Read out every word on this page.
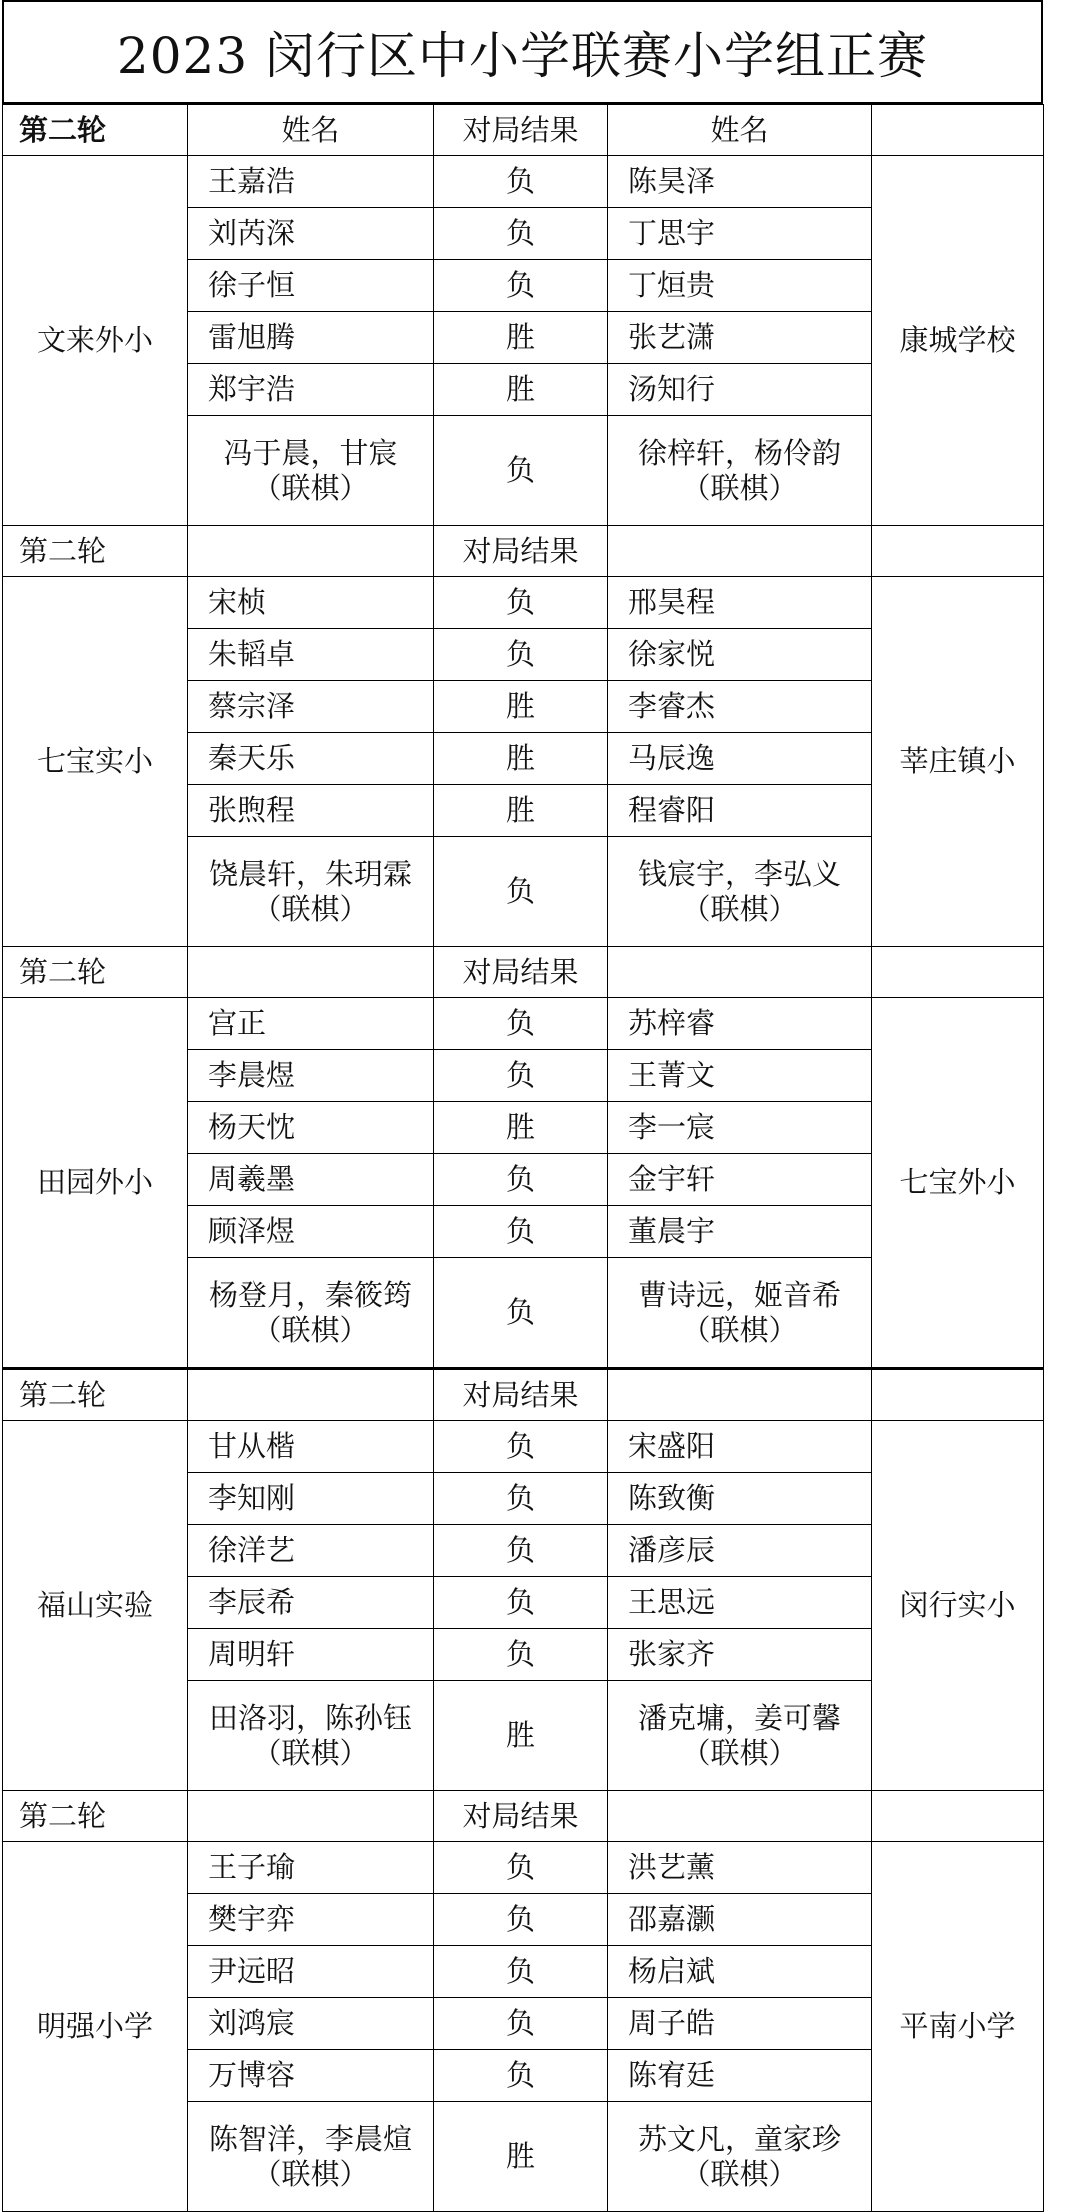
2023 闵行区中小学联赛小学组正赛
第二轮	姓名	对局结果	姓名	
文来外小	王嘉浩	负	陈昊泽	康城学校
	刘芮深	负	丁思宇	
	徐子恒	负	丁烜贵	
	雷旭腾	胜	张艺潇	
	郑宇浩	胜	汤知行	
	冯于晨，甘宸（联棋）	负	徐梓轩，杨伶韵（联棋）	
第二轮		对局结果		
七宝实小	宋桢	负	邢昊程	莘庄镇小
	朱韬卓	负	徐家悦	
	蔡宗泽	胜	李睿杰	
	秦天乐	胜	马辰逸	
	张煦程	胜	程睿阳	
	饶晨轩，朱玥霖（联棋）	负	钱宸宇，李弘义（联棋）	
第二轮		对局结果		
田园外小	宫正	负	苏梓睿	七宝外小
	李晨煜	负	王菁文	
	杨天忱	胜	李一宸	
	周羲墨	负	金宇轩	
	顾泽煜	负	董晨宇	
	杨登月，秦筱筠（联棋）	负	曹诗远，姬音希（联棋）	
第二轮		对局结果		
福山实验	甘从楷	负	宋盛阳	闵行实小
	李知刚	负	陈致衡	
	徐洋艺	负	潘彦辰	
	李辰希	负	王思远	
	周明轩	负	张家齐	
	田洛羽，陈孙钰（联棋）	胜	潘克墉，姜可馨（联棋）	
第二轮		对局结果		
明强小学	王子瑜	负	洪艺薰	平南小学
	樊宇弈	负	邵嘉灏	
	尹远昭	负	杨启斌	
	刘鸿宸	负	周子皓	
	万博容	负	陈宥廷	
	陈智洋，李晨煊（联棋）	胜	苏文凡，童家珍（联棋）	
